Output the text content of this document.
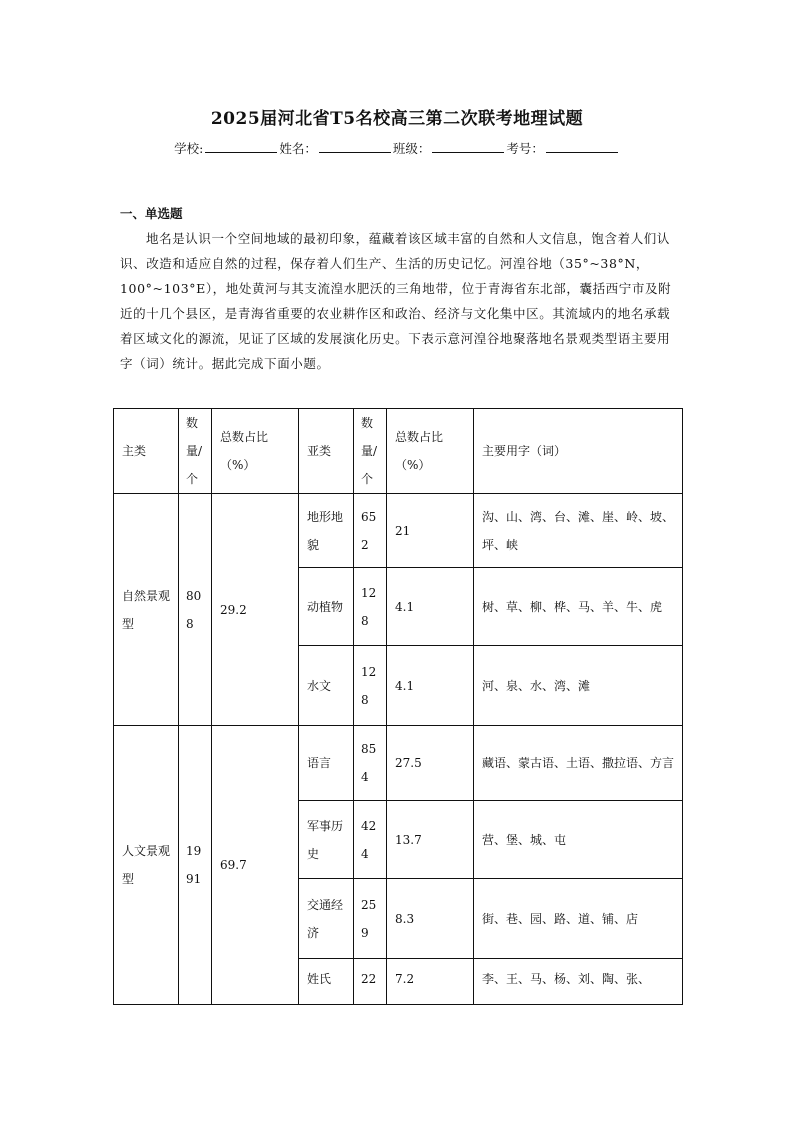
2025届河北省T5名校高三第二次联考地理试题
学校:	姓名：	班级：	考号：
一、单选题
地名是认识一个空间地域的最初印象，蕴藏着该区域丰富的自然和人文信息，饱含着人们认识、改造和适应自然的过程，保存着人们生产、生活的历史记忆。河湟谷地（35°~38°N，100°~103°E），地处黄河与其支流湟水肥沃的三角地带，位于青海省东北部，囊括西宁市及附近的十几个县区，是青海省重要的农业耕作区和政治、经济与文化集中区。其流域内的地名承载着区域文化的源流，见证了区域的发展演化历史。下表示意河湟谷地聚落地名景观类型语主要用字（词）统计。据此完成下面小题。
主类	数量/个	总数占比（%）	亚类	数量/个	总数占比（%）	主要用字（词）
自然景观型	808	29.2	地形地貌	652	21	沟、山、湾、台、滩、崖、岭、坡、坪、峡
			动植物	128	4.1	树、草、柳、桦、马、羊、牛、虎
			水文	128	4.1	河、泉、水、湾、滩
人文景观型	1991	69.7	语言	854	27.5	藏语、蒙古语、土语、撒拉语、方言
			军事历史	424	13.7	营、堡、城、屯
			交通经济	259	8.3	街、巷、园、路、道、铺、店
			姓氏	22	7.2	李、王、马、杨、刘、陶、张、
